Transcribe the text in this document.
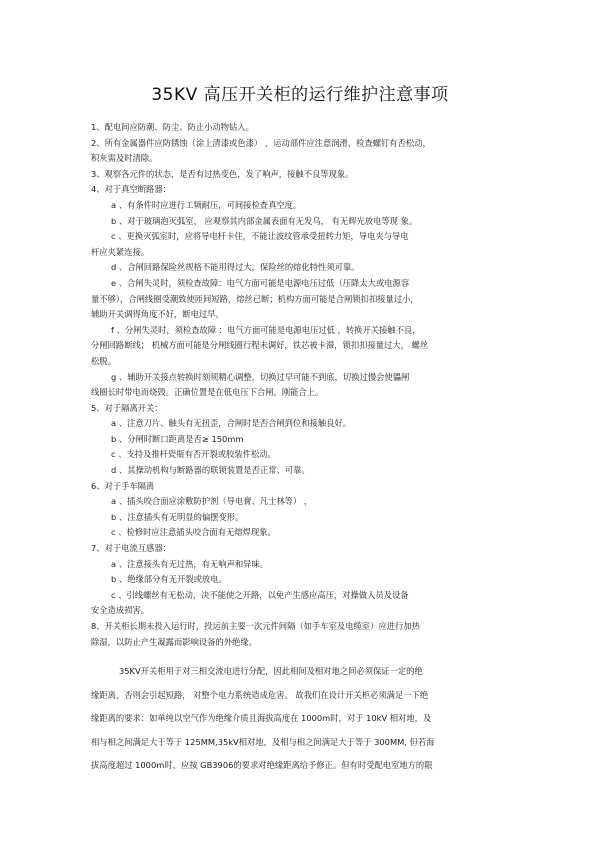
35KV 高压开关柜的运行维护注意事项

1、配电间应防潮、防尘、防止小动物钻入。

2、所有金属器件应防锈蚀（涂上清漆或色漆） ，运动部件应注意润滑，检查螺钉有否松动，

积灰需及时清除。

3、观察各元件的状态，是否有过热变色，发了响声，接触不良等现象。

4、对于真空断路器：

a 、有条件时应进行工频耐压，可间接检查真空度。

b 、对于玻璃泡灭弧室， 应观察其内部金属表面有无发乌， 有无辉光放电等现 象。

c 、更换灭弧室时，应将导电杆卡住，不能让波纹管承受扭转力矩，导电夹与导电

杆应夹紧连接。

d 、合闸回路保险丝规格不能用得过大，保险丝的熔化特性须可靠。

e 、合闸失灵时，须检查故障：电气方面可能是电源电压过低（压降太大或电源容

量不够），合闸线圈受潮致使匝间短路，熔丝已断；机构方面可能是合闸锁扣扣接量过小，

辅助开关调得角度不好，断电过早。

f 、分闸失灵时，须检查故障 ：电气方面可能是电源电压过低 ，转换开关接触不良，

分闸回路断线； 机械方面可能是分闸线圈行程未调好，铁芯被卡滞，锁扣扣接量过大， 螺丝

松脱。

g 、辅助开关接点转换时刻须精心调整，切换过早可能不到底，切换过慢会使儡闸

线圈长时带电而烧毁。正确位置是在低电压下合闸，刚能合上。

5、对于隔离开关：

a 、注意刀片、触头有无扭歪，合闸时是否合闸到位和接触良好。

b 、分闸时断口距离是否≥ 150mm

c 、支持及推杆瓷瓶有否开裂或胶装件松动。

d 、其操动机构与断路器的联锁装置是否正常、可靠。

6、对于手车隔离

a 、插头咬合面应涂敷防护剂（导电膏、凡士林等） ，

b 、注意插头有无明显的偏摆变形。

c 、检修时应注意插头咬合面有无熔焊现象。

7、对于电流互感器：

a 、注意接头有无过热，有无响声和异味。

b 、绝缘部分有无开裂或放电。

c 、引线螺丝有无松动，决不能使之开路，以免产生感应高压，对操做人员及设备

安全造成损害。

8、开关柜长期未投入运行时，投运前主要一次元件间隔（如手车室及电缆室）应进行加热

除湿，以防止产生凝露而影响设备的外绝缘。

35KV开关柜用于对三相交流电进行分配，因此相间及相对地之间必须保证一定的绝

缘距离，否则会引起短路， 对整个电力系统造成危害。 故我们在设计开关柜必须满足一下绝

缘距离的要求：如单纯以空气作为绝缘介质且海拔高度在 1000m时，对于 10kV 相对地，及

相与相之间满足大于等于 125MM,35kV相对地，及相与相之间满足大于等于 300MM, 但若海

拔高度超过 1000m时，应按 GB3906的要求对绝缘距离给予修正。但有时受配电室地方的限
